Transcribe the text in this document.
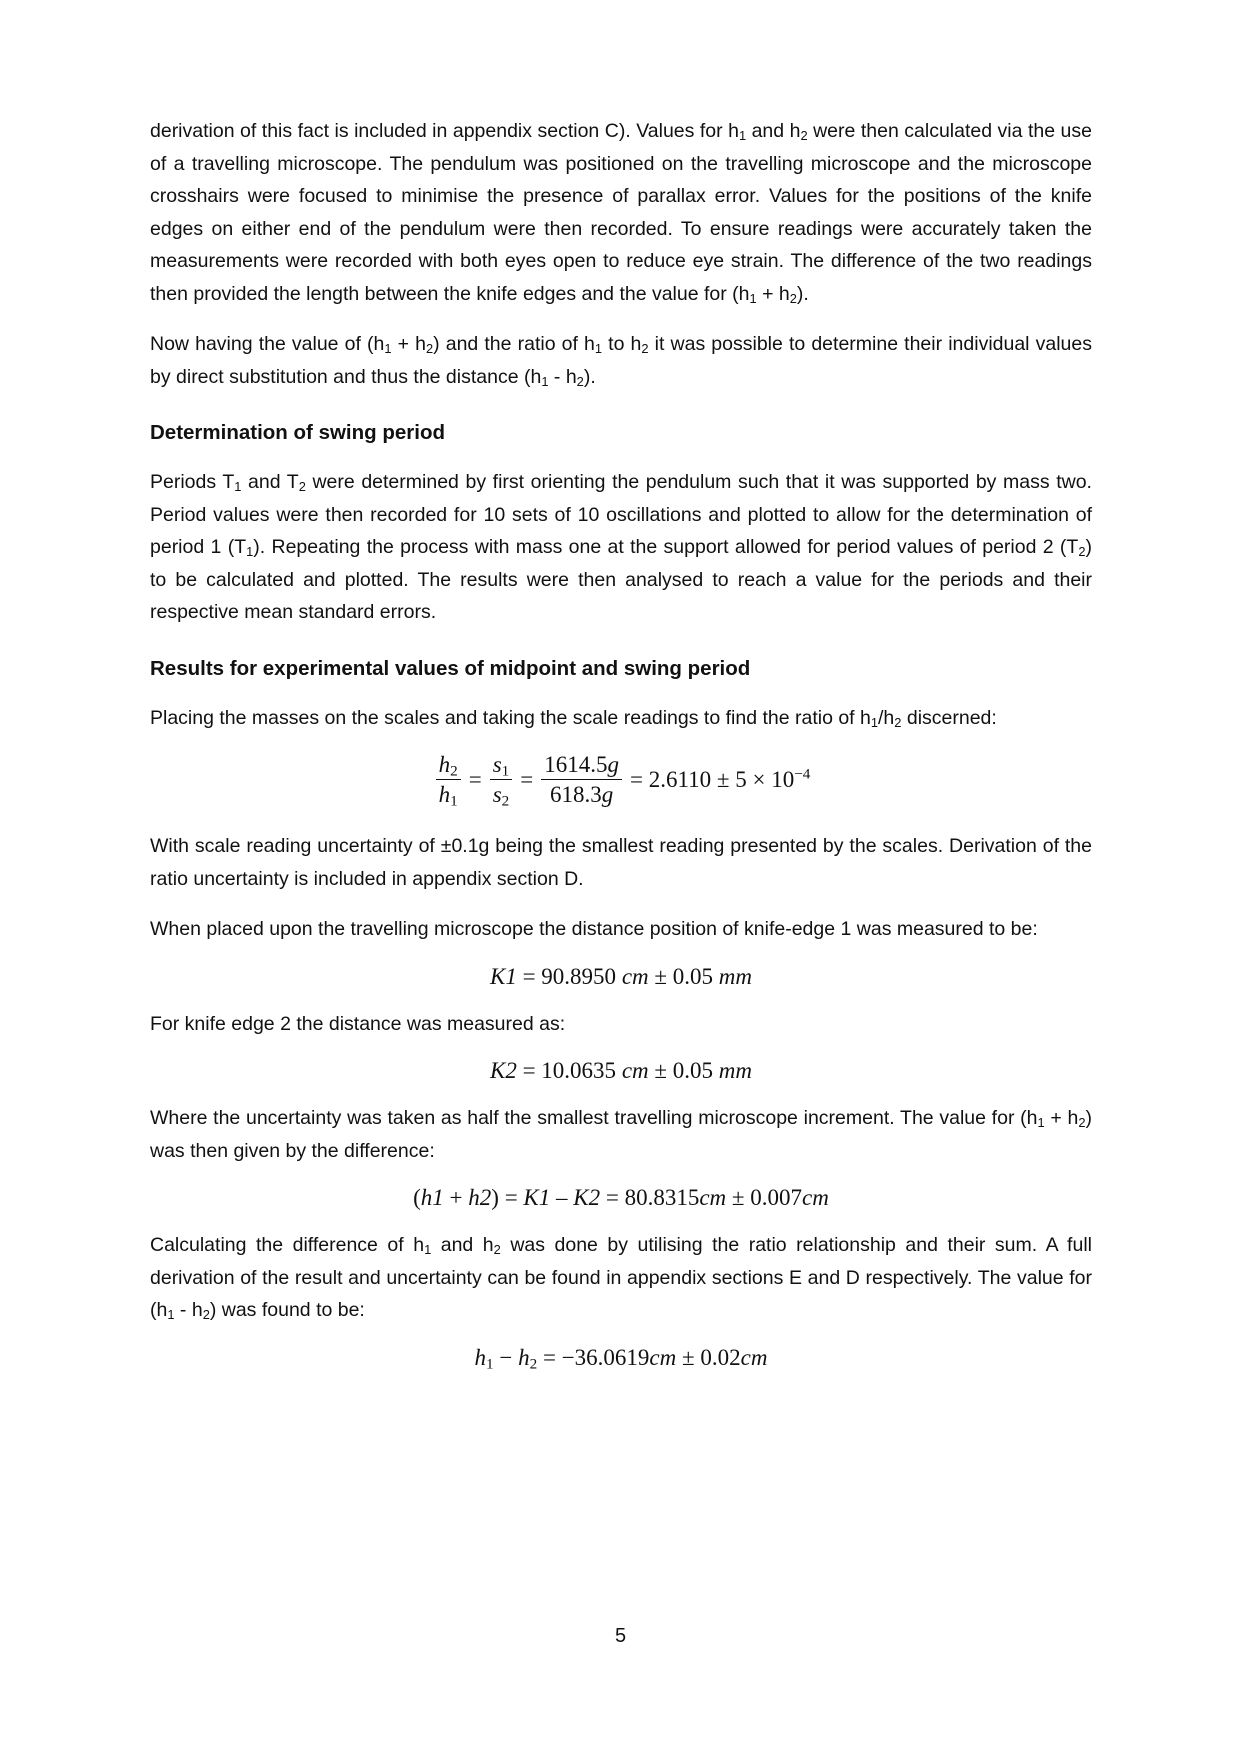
derivation of this fact is included in appendix section C). Values for $h_1$ and $h_2$ were then calculated via the use of a travelling microscope. The pendulum was positioned on the travelling microscope and the microscope crosshairs were focused to minimise the presence of parallax error. Values for the positions of the knife edges on either end of the pendulum were then recorded. To ensure readings were accurately taken the measurements were recorded with both eyes open to reduce eye strain. The difference of the two readings then provided the length between the knife edges and the value for $(h_1 + h_2)$.

Now having the value of $(h_1 + h_2)$ and the ratio of $h_1$ to $h_2$ it was possible to determine their individual values by direct substitution and thus the distance $(h_1 - h_2)$.

Determination of swing period

Periods $T_1$ and $T_2$ were determined by first orienting the pendulum such that it was supported by mass two. Period values were then recorded for 10 sets of 10 oscillations and plotted to allow for the determination of period 1 $(T_1)$. Repeating the process with mass one at the support allowed for period values of period 2 $(T_2)$ to be calculated and plotted. The results were then analysed to reach a value for the periods and their respective mean standard errors.

Results for experimental values of midpoint and swing period

Placing the masses on the scales and taking the scale readings to find the ratio of $h_1/h_2$ discerned:

$\frac{h_2}{h_1} = \frac{s_1}{s_2} = \frac{1614.5g}{618.3g} = 2.6110 \pm 5 \times 10^{-4}$

With scale reading uncertainty of ±0.1g being the smallest reading presented by the scales. Derivation of the ratio uncertainty is included in appendix section D.

When placed upon the travelling microscope the distance position of knife-edge 1 was measured to be:

K1 = 90.8950 cm ± 0.05 mm

For knife edge 2 the distance was measured as:

K2 = 10.0635 cm ± 0.05 mm

Where the uncertainty was taken as half the smallest travelling microscope increment. The value for $(h_1 + h_2)$ was then given by the difference:

(h1 + h2) = K1 – K2 = 80.8315cm ± 0.007cm

Calculating the difference of $h_1$ and $h_2$ was done by utilising the ratio relationship and their sum. A full derivation of the result and uncertainty can be found in appendix sections E and D respectively. The value for $(h_1 - h_2)$ was found to be:

$h_1 - h_2 = -36.0619cm \pm 0.02cm$
5
